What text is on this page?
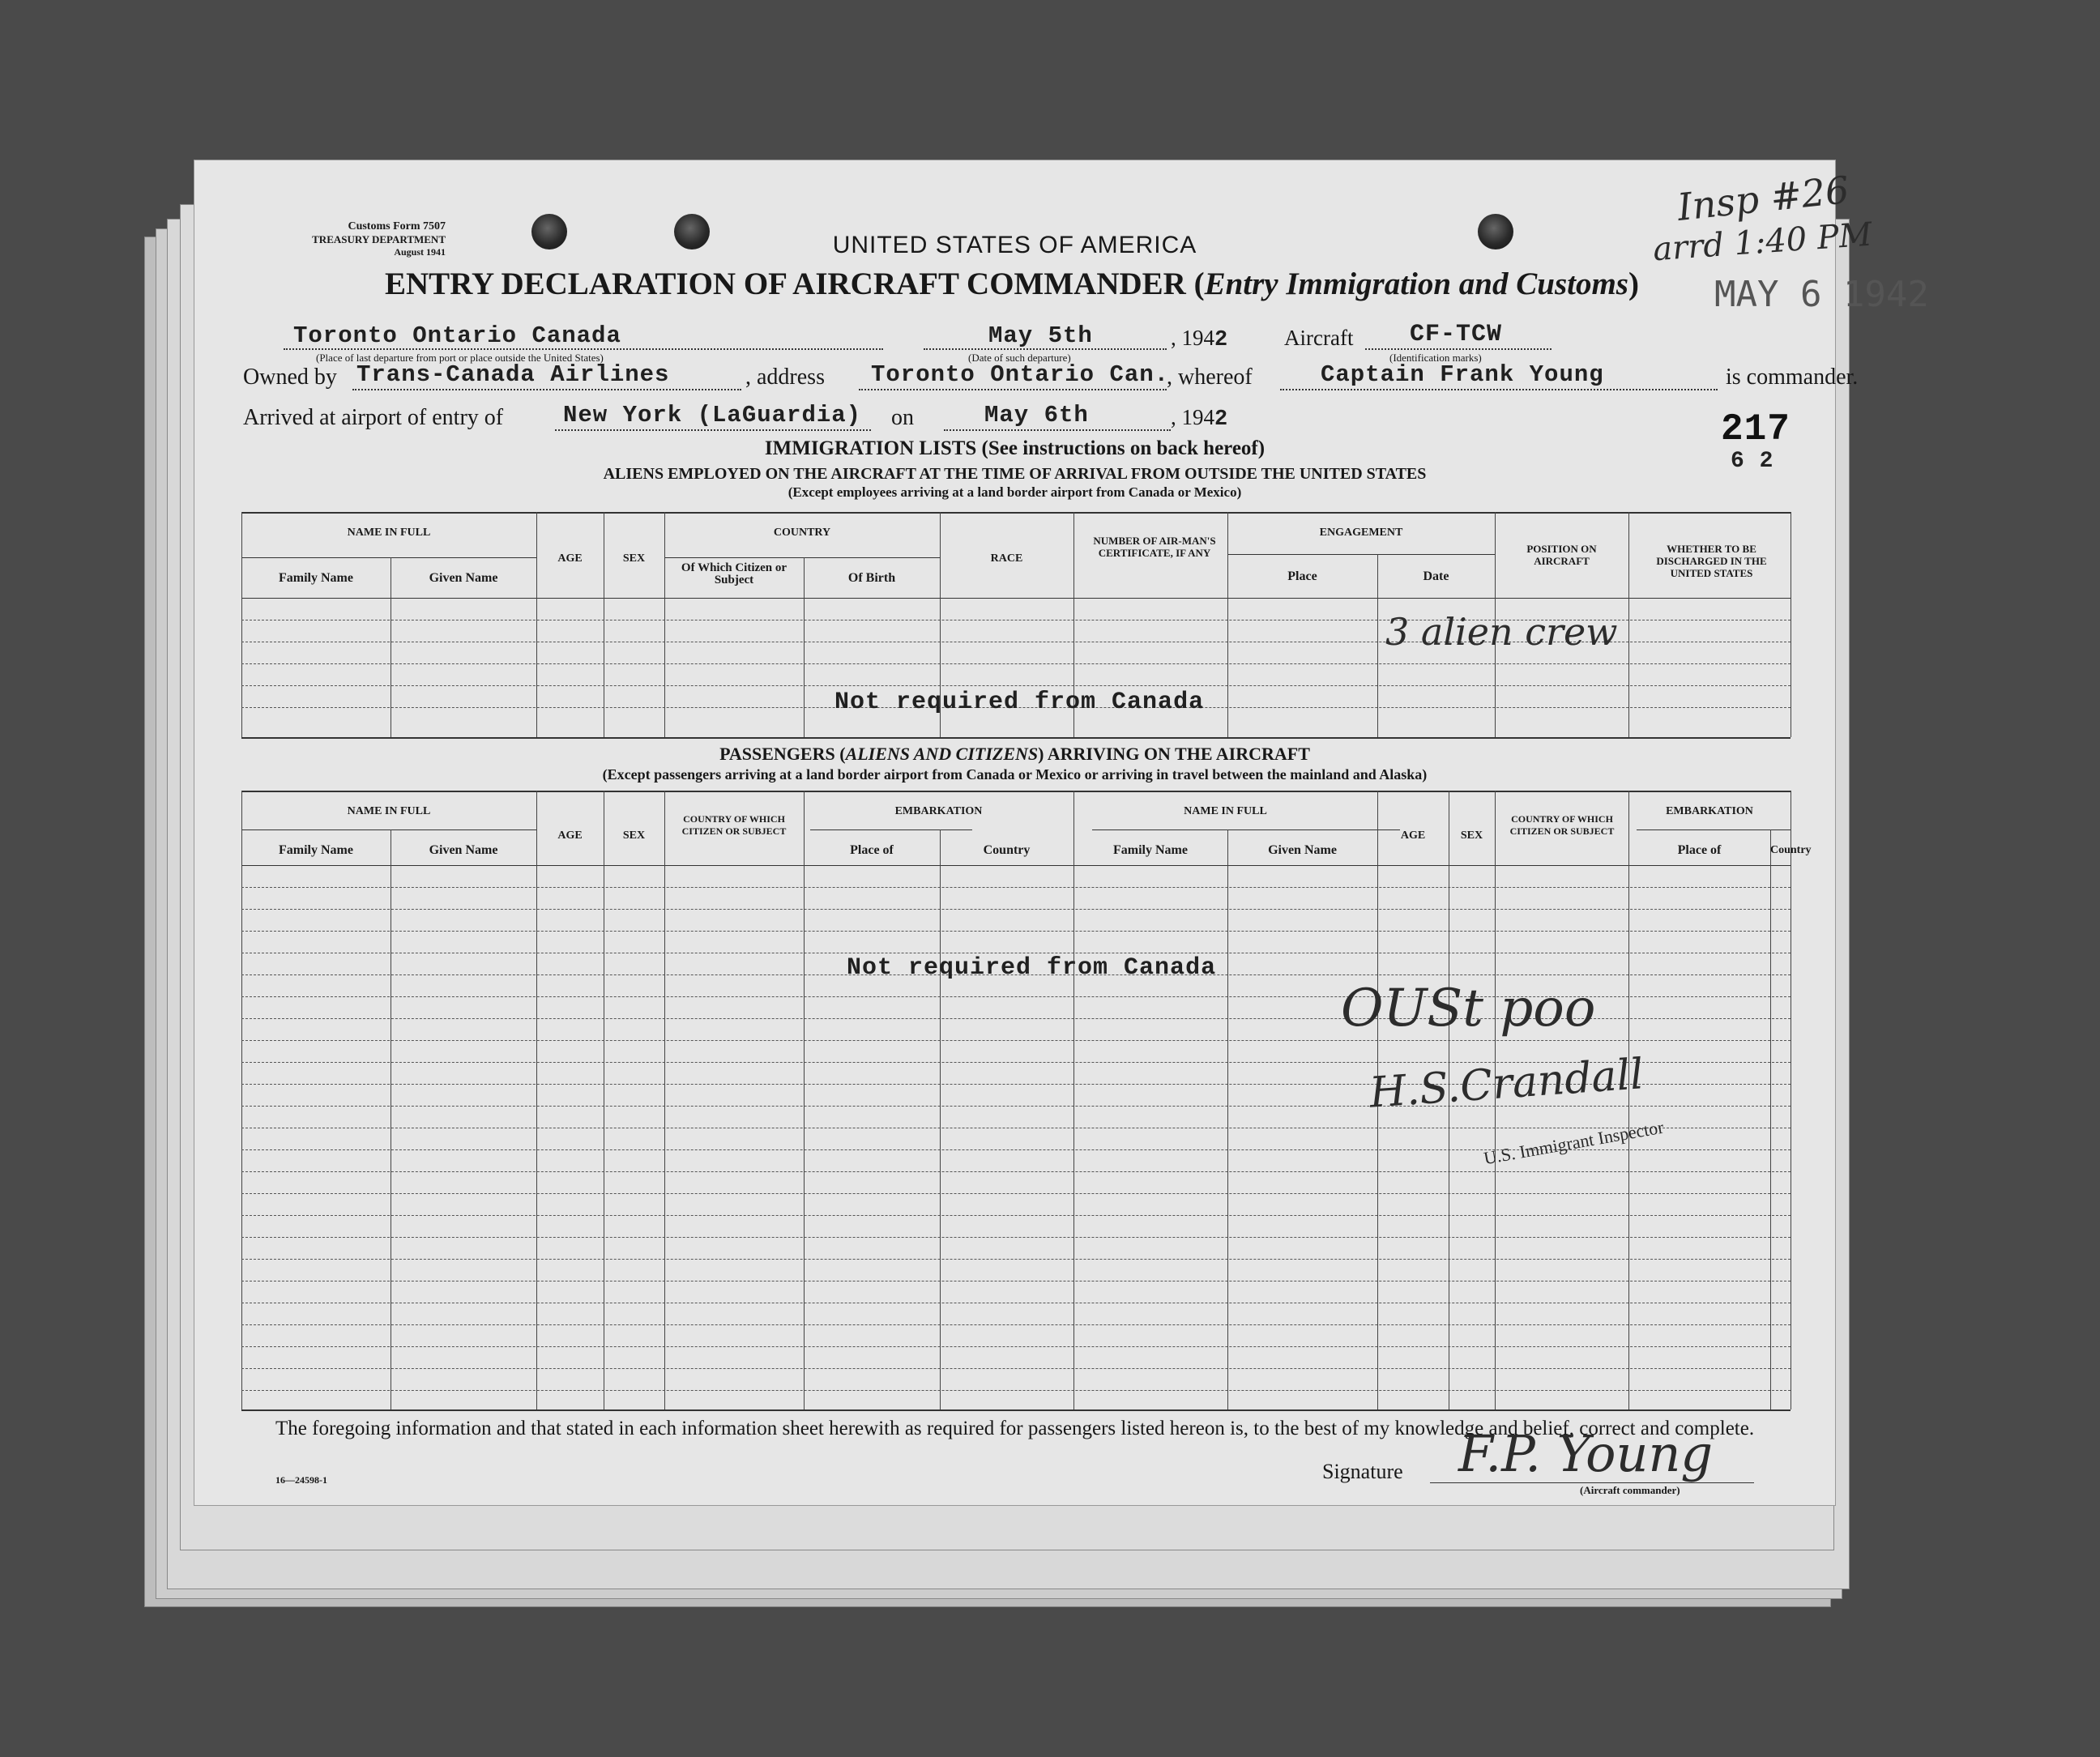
Customs Form 7507
TREASURY DEPARTMENT
August 1941	UNITED STATES OF AMERICA
ENTRY DECLARATION OF AIRCRAFT COMMANDER (Entry Immigration and Customs)
Insp #26
arrd 1:40 PM
MAY 6 1942
217
6 2
Toronto Ontario Canada
(Place of last departure from port or place outside the United States)
May 5th
(Date of such departure)
, 1942	Aircraft CF-TCW
(Identification marks)
Owned by Trans-Canada Airlines	, address Toronto Ontario Can.
, whereof	Captain Frank Young	is commander.
Arrived at airport of entry of	New York (LaGuardia) on	May 6th	, 1942
IMMIGRATION LISTS (See instructions on back hereof)
ALIENS EMPLOYED ON THE AIRCRAFT AT THE TIME OF ARRIVAL FROM OUTSIDE THE UNITED STATES
(Except employees arriving at a land border airport from Canada or Mexico)
NAME IN FULL
Family Name	Given Name
AGE	SEX
COUNTRY
Of Which Citizen or Subject	Of Birth
RACE
NUMBER OF AIR-MAN'S CERTIFICATE, IF ANY
ENGAGEMENT
Place	Date
POSITION ON AIRCRAFT
WHETHER TO BE DISCHARGED IN THE UNITED STATES
3 alien crew
Not required from Canada
PASSENGERS (ALIENS AND CITIZENS) ARRIVING ON THE AIRCRAFT
(Except passengers arriving at a land border airport from Canada or Mexico or arriving in travel between the mainland and Alaska)
NAME IN FULL
Family Name	Given Name
AGE	SEX
COUNTRY OF WHICH CITIZEN OR SUBJECT
EMBARKATION
Place of	Country
NAME IN FULL
Family Name	Given Name
AGE	SEX
COUNTRY OF WHICH CITIZEN OR SUBJECT
EMBARKATION
Place of	Country
Not required from Canada
OUSt poo
H.S.Crandall
U.S. Immigrant Inspector
The foregoing information and that stated in each information sheet herewith as required for passengers listed hereon is, to the best of my knowledge and belief, correct and complete.
16—24598-1	Signature F.P. Young
(Aircraft commander)
